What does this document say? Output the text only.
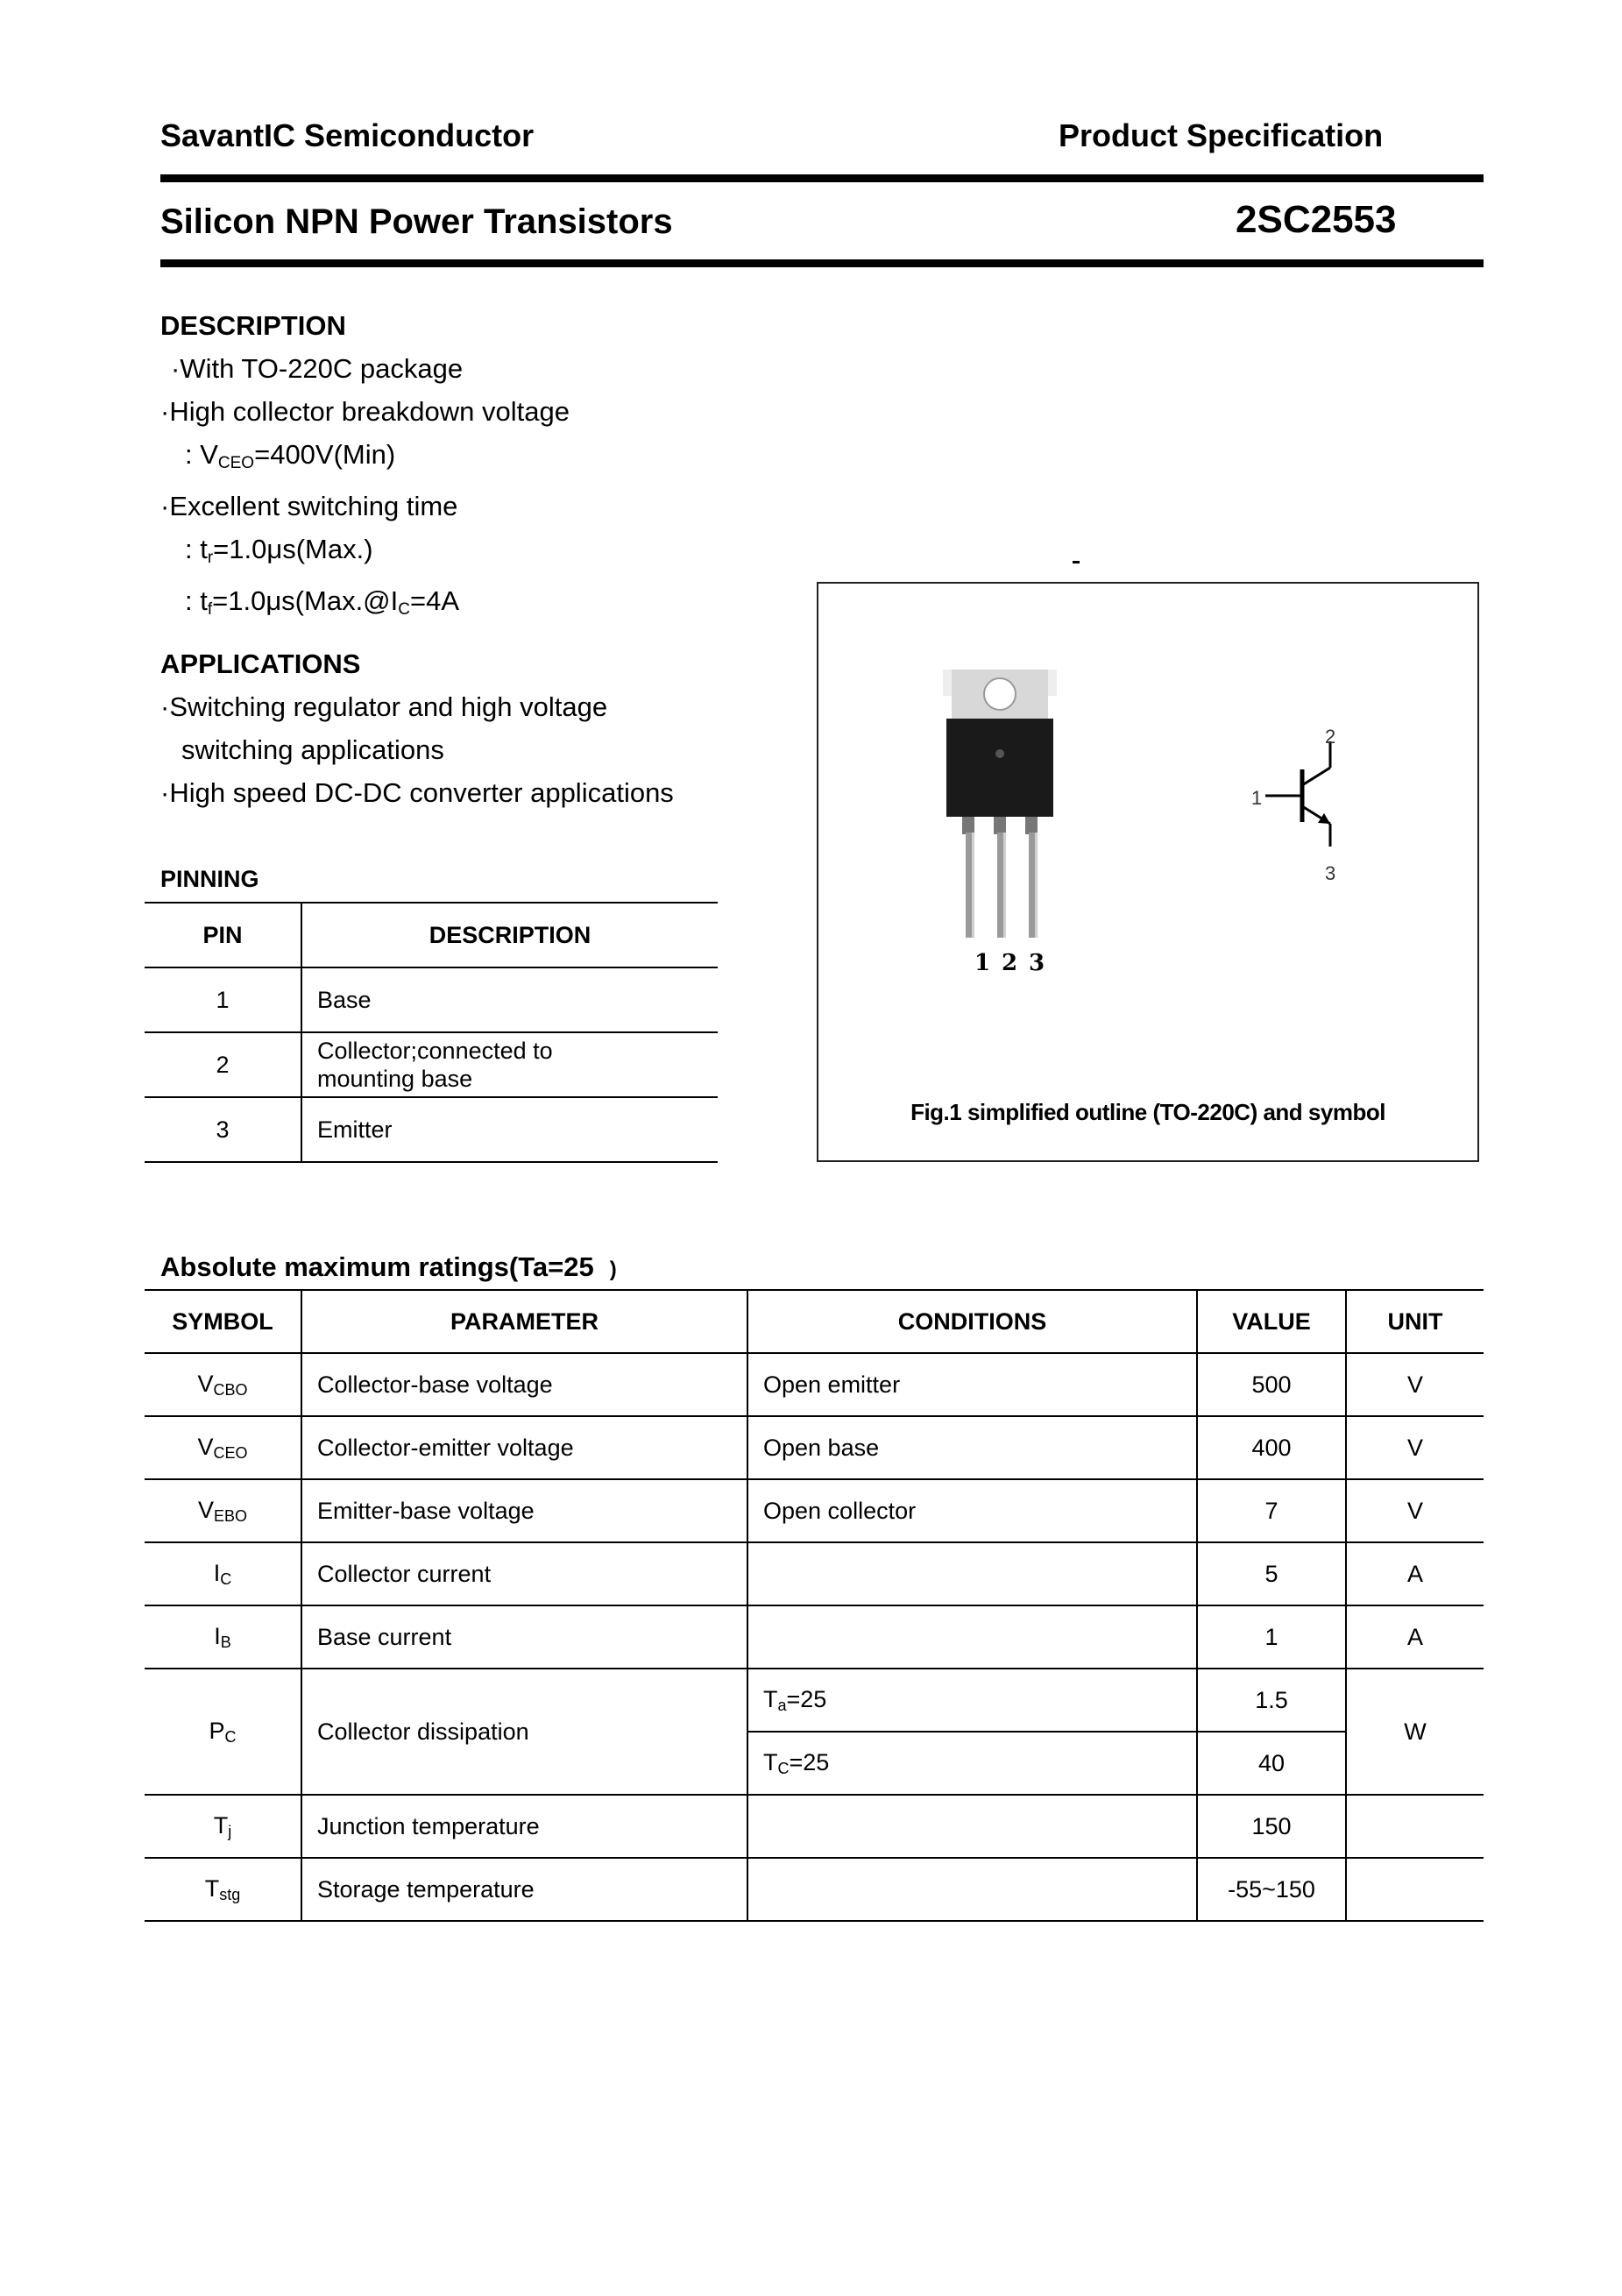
SavantIC Semiconductor	Product Specification
Silicon NPN Power Transistors	2SC2553
DESCRIPTION
·With TO-220C package
·High collector breakdown voltage
: $V_{CEO}=400V(Min)$
·Excellent switching time
: $t_r=1.0\mu s(Max.)$
: $t_f=1.0\mu s(Max.@I_C=4A$
APPLICATIONS
·Switching regulator and high voltage
switching applications
·High speed DC-DC converter applications
PINNING
PIN	DESCRIPTION
1	Base
2	Collector;connected to
mounting base

3	Emitter
1 2 3
1
2
3
Fig.1 simplified outline (TO-220C) and symbol
Absolute maximum ratings(Ta=25 )
SYMBOL	PARAMETER	CONDITIONS	VALUE	UNIT
$V_{CBO}$	Collector-base voltage	Open emitter	500	V
$V_{CEO}$	Collector-emitter voltage	Open base	400	V
$V_{EBO}$	Emitter-base voltage	Open collector	7	V
$I_C$	Collector current		5	A
$I_B$	Base current		1	A
$P_C$	Collector dissipation	$T_a=25$	1.5	W
		$T_C=25$	40	
$T_j$	Junction temperature		150	
$T_{stg}$	Storage temperature		-55~150	
